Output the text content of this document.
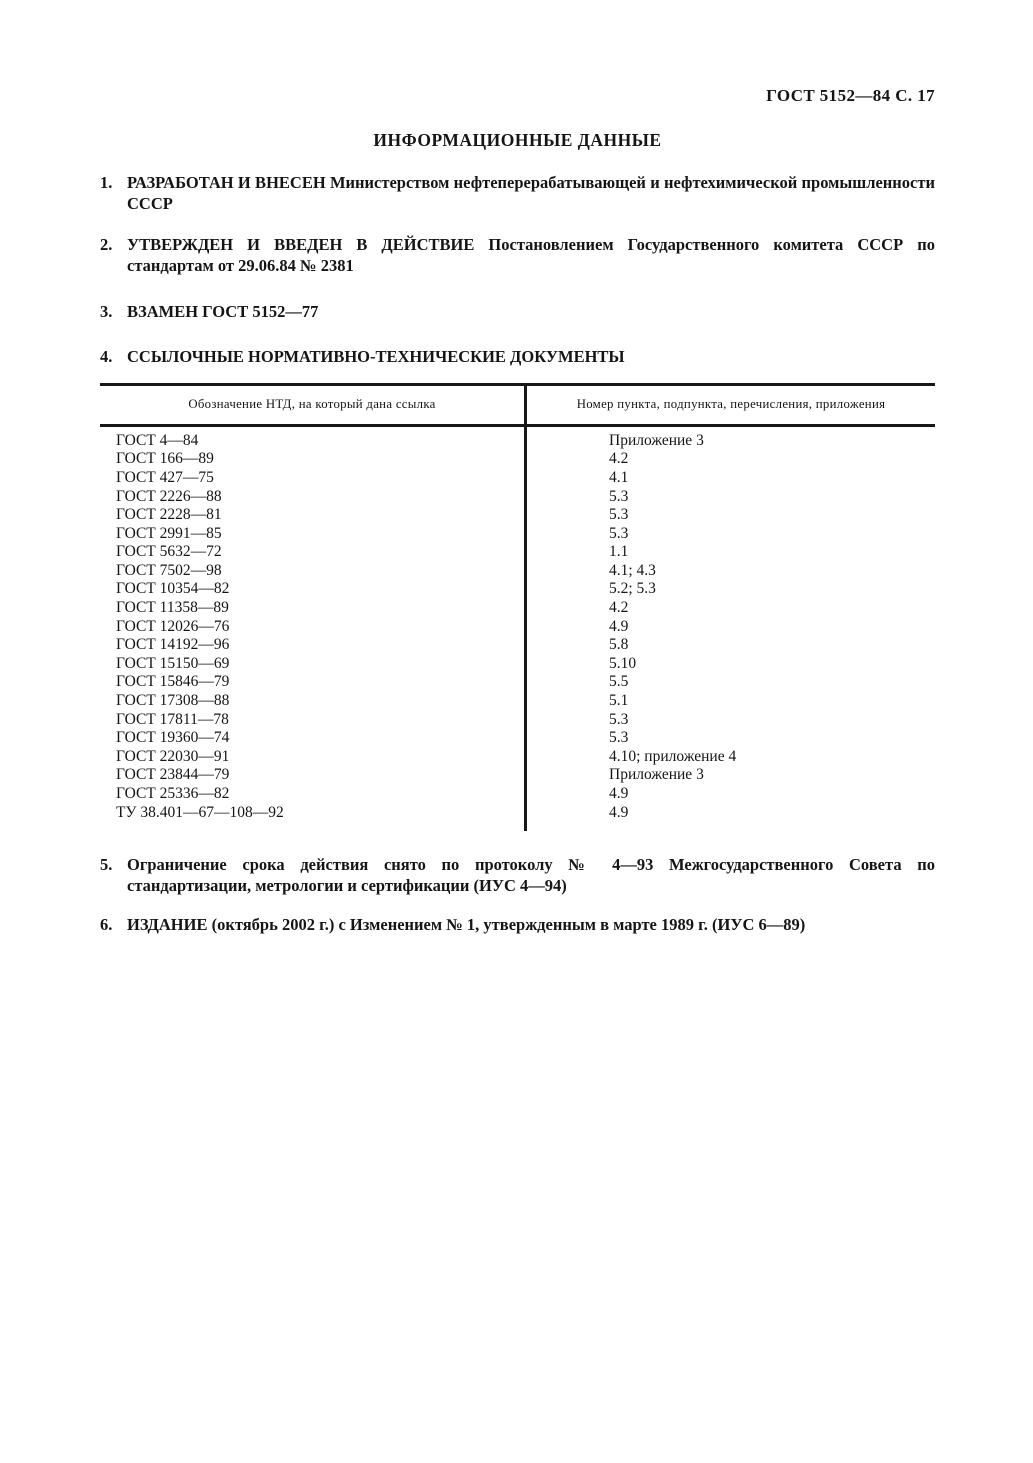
ГОСТ 5152—84 С. 17
ИНФОРМАЦИОННЫЕ ДАННЫЕ
1. РАЗРАБОТАН И ВНЕСЕН Министерством нефтеперерабатывающей и нефтехимической промышленности СССР
2. УТВЕРЖДЕН И ВВЕДЕН В ДЕЙСТВИЕ Постановлением Государственного комитета СССР по стандартам от 29.06.84 № 2381
3. ВЗАМЕН ГОСТ 5152—77
4. ССЫЛОЧНЫЕ НОРМАТИВНО-ТЕХНИЧЕСКИЕ ДОКУМЕНТЫ
Обозначение НТД, на который дана ссылка	Номер пункта, подпункта, перечисления, приложения
ГОСТ 4—84	Приложение 3
ГОСТ 166—89	4.2
ГОСТ 427—75	4.1
ГОСТ 2226—88	5.3
ГОСТ 2228—81	5.3
ГОСТ 2991—85	5.3
ГОСТ 5632—72	1.1
ГОСТ 7502—98	4.1; 4.3
ГОСТ 10354—82	5.2; 5.3
ГОСТ 11358—89	4.2
ГОСТ 12026—76	4.9
ГОСТ 14192—96	5.8
ГОСТ 15150—69	5.10
ГОСТ 15846—79	5.5
ГОСТ 17308—88	5.1
ГОСТ 17811—78	5.3
ГОСТ 19360—74	5.3
ГОСТ 22030—91	4.10; приложение 4
ГОСТ 23844—79	Приложение 3
ГОСТ 25336—82	4.9
ТУ 38.401—67—108—92	4.9
5. Ограничение срока действия снято по протоколу № 4—93 Межгосударственного Совета по стандартизации, метрологии и сертификации (ИУС 4—94)
6. ИЗДАНИЕ (октябрь 2002 г.) с Изменением № 1, утвержденным в марте 1989 г. (ИУС 6—89)
